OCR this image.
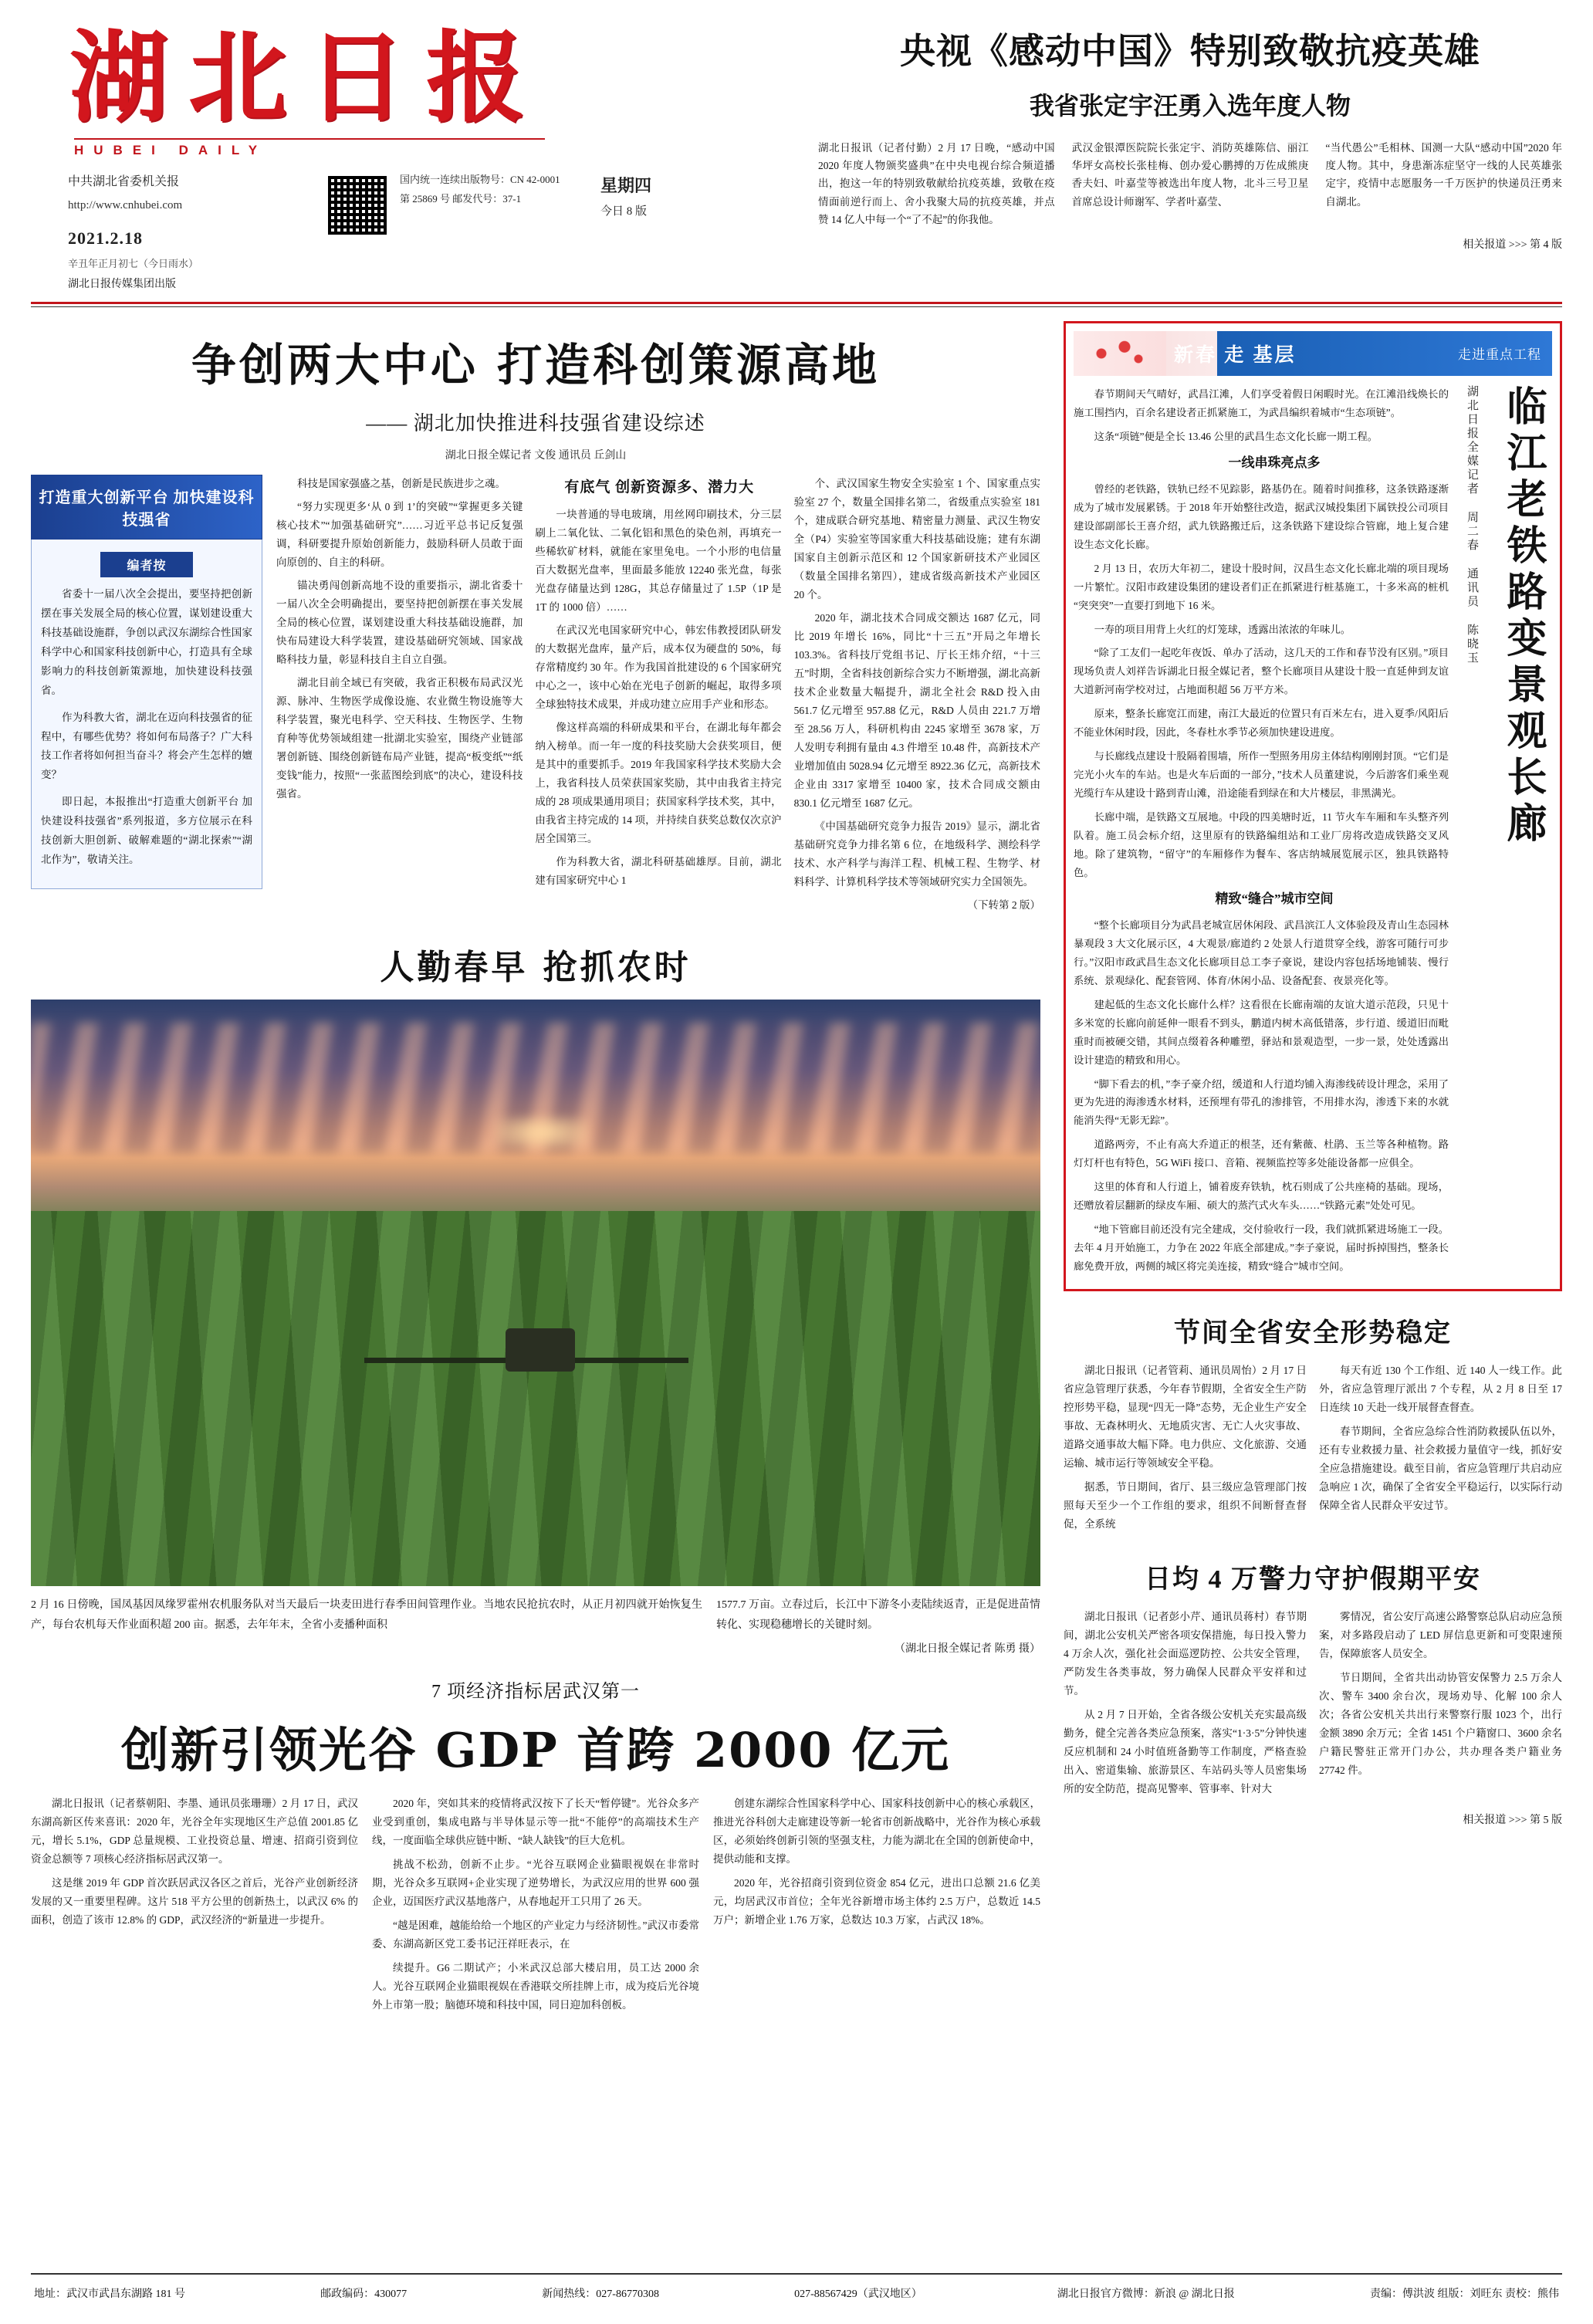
湖北日报
HUBEI DAILY
中共湖北省委机关报
http://www.cnhubei.com
2021.2.18
辛丑年正月初七（今日雨水）
国内统一连续出版物号：CN 42-0001
第 25869 号 邮发代号：37-1
星期四
今日 8 版
湖北日报传媒集团出版
央视《感动中国》特别致敬抗疫英雄
我省张定宇汪勇入选年度人物
湖北日报讯（记者付勤）2 月 17 日晚，“感动中国 2020 年度人物颁奖盛典”在中央电视台综合频道播出，抱这一年的特别致敬献给抗疫英雄，致敬在疫情面前逆行而上、舍小我聚大局的抗疫英雄，并点赞 14 亿人中每一个“了不起”的你我他。
武汉金银潭医院院长张定宇、消防英雄陈信、丽江华坪女高校长张桂梅、创办爱心鹏搏的万佐成熊庚香夫妇、叶嘉莹等被选出年度人物，北斗三号卫星首席总设计师谢军、学者叶嘉莹、
“当代愚公”毛相林、国测一大队“感动中国”2020 年度人物。其中，身患渐冻症坚守一线的人民英雄张定宇，疫情中志愿服务一千万医护的快递员汪勇来自湖北。
相关报道 >>> 第 4 版
争创两大中心 打造科创策源高地
—— 湖北加快推进科技强省建设综述
湖北日报全媒记者 文俊 通讯员 丘剑山
打造重大创新平台 加快建设科技强省
编者按

省委十一届八次全会提出，要坚持把创新摆在事关发展全局的核心位置，谋划建设重大科技基础设施群，争创以武汉东湖综合性国家科学中心和国家科技创新中心，打造具有全球影响力的科技创新策源地，加快建设科技强省。

作为科教大省，湖北在迈向科技强省的征程中，有哪些优势？将如何布局落子？广大科技工作者将如何担当奋斗？将会产生怎样的嬗变？

即日起，本报推出“打造重大创新平台 加快建设科技强省”系列报道，多方位展示在科技创新大胆创新、破解难题的“湖北探索”“湖北作为”，敬请关注。

科技是国家强盛之基，创新是民族进步之魂。

“努力实现更多‘从 0 到 1’的突破”“掌握更多关键核心技术”“加强基础研究”……习近平总书记反复强调，科研要提升原始创新能力，鼓励科研人员敢于面向原创的、自主的科研。

锚决勇闯创新高地不设的重要指示，湖北省委十一届八次全会明确提出，要坚持把创新摆在事关发展全局的核心位置，谋划建设重大科技基础设施群，加快布局建设大科学装置，建设基础研究领域、国家战略科技力量，彰显科技自主自立自强。

湖北目前全域已有突破，我省正积极布局武汉光源、脉冲、生物医学成像设施、农业微生物设施等大科学装置，聚光电科学、空天科技、生物医学、生物育种等优势领域组建一批湖北实验室，围绕产业链部署创新链、围绕创新链布局产业链，提高“板变纸”“纸变钱”能力，按照“一张蓝图绘到底”的决心，建设科技强省。

有底气 创新资源多、潜力大

一块普通的导电玻璃，用丝网印刷技术，分三层刷上二氧化钛、二氧化铝和黑色的染色剂，再填充一些稀软矿材料，就能在家里兔电。一个小形的电信量百大数据光盘率，里面最多能放 12240 张光盘，每张光盘存储量达到 128G，其总存储量过了 1.5P（1P 是 1T 的 1000 倍）……

在武汉光电国家研究中心，韩宏伟教授团队研发的大数据光盘库，量产后，成本仅为硬盘的 50%，每存常精度约 30 年。作为我国首批建设的 6 个国家研究中心之一，该中心始在光电子创新的崛起，取得多项全球独特技术成果，并成功建立应用手产业和形态。

像这样高端的科研成果和平台，在湖北每年都会纳入榜单。而一年一度的科技奖励大会获奖项目，便是其中的重要抓手。2019 年我国家科学技术奖励大会上，我省科技人员荣获国家奖励，其中由我省主持完成的 28 项成果通用项目；获国家科学技术奖，其中，由我省主持完成的 14 项，并持续自获奖总数仅次京沪居全国第三。

作为科教大省，湖北科研基础雄厚。目前，湖北建有国家研究中心 1

个、武汉国家生物安全实验室 1 个、国家重点实验室 27 个，数量全国排名第二，省级重点实验室 181 个，建成联合研究基地、精密量力测量、武汉生物安全（P4）实验室等国家重大科技基础设施；建有东湖国家自主创新示范区和 12 个国家新研技术产业园区（数量全国排名第四），建成省级高新技术产业园区 20 个。

2020 年，湖北技术合同成交额达 1687 亿元，同比 2019 年增长 16%，同比“十三五”开局之年增长 103.3%。省科技厅党组书记、厅长王炜介绍，“十三五”时期，全省科技创新综合实力不断增强，湖北高新技术企业数量大幅提升，湖北全社会 R&D 投入由 561.7 亿元增至 957.88 亿元，R&D 人员由 221.7 万增至 28.56 万人，科研机构由 2245 家增至 3678 家，万人发明专利拥有量由 4.3 件增至 10.48 件，高新技术产业增加值由 5028.94 亿元增至 8922.36 亿元，高新技术企业由 3317 家增至 10400 家，技术合同成交额由 830.1 亿元增至 1687 亿元。

《中国基础研究竞争力报告 2019》显示，湖北省基础研究竞争力排名第 6 位，在地级科学、测绘科学技术、水产科学与海洋工程、机械工程、生物学、材料科学、计算机科学技术等领域研究实力全国领先。

（下转第 2 版）

人勤春早 抢抓农时
2 月 16 日傍晚，国凤基因凤缘罗霍州农机服务队对当天最后一块麦田进行春季田间管理作业。当地农民抢抗农时，从正月初四就开始恢复生产，每台农机每天作业面积超 200 亩。据悉，去年年末，全省小麦播种面积
1577.7 万亩。立春过后，长江中下游冬小麦陆续返青，正是促进苗情转化、实现稳穗增长的关键时刻。
（湖北日报全媒记者 陈勇 摄）
7 项经济指标居武汉第一
创新引领光谷 GDP 首跨 2000 亿元

湖北日报讯（记者蔡朝阳、李墨、通讯员张珊珊）2 月 17 日，武汉东湖高新区传来喜讯：2020 年，光谷全年实现地区生产总值 2001.85 亿元，增长 5.1%，GDP 总量规模、工业投资总量、增速、招商引资到位资金总额等 7 项核心经济指标居武汉第一。

这是继 2019 年 GDP 首次跃居武汉各区之首后，光谷产业创新经济发展的又一重要里程碑。这片 518 平方公里的创新热土，以武汉 6% 的面积，创造了该市 12.8% 的 GDP，武汉经济的“新量进一步提升。

2020 年，突如其来的疫情将武汉按下了长天“暂停键”。光谷众多产业受到重创，集成电路与半导体显示等一批“不能停”的高端技术生产线，一度面临全球供应链中断、“缺人缺钱”的巨大危机。

挑战不松劲，创新不止步。“光谷互联网企业猫眼视娱在非常时期，光谷众多互联网+企业实现了逆势增长，为武汉应用的世界 600 强企业，迈国医疗武汉基地落户，从春地起开工只用了 26 天。

“越是困难，越能给给一个地区的产业定力与经济韧性。”武汉市委常委、东湖高新区党工委书记汪祥旺表示，在

续提升。G6 二期试产；小米武汉总部大楼启用，员工达 2000 余人。光谷互联网企业猫眼视娱在香港联交所挂牌上市，成为疫后光谷境外上市第一股；脑德环境和科技中国，同日迎加科创板。

创建东湖综合性国家科学中心、国家科技创新中心的核心承载区，推进光谷科创大走廊建设等新一轮省市创新战略中，光谷作为核心承载区，必须始终创新引领的坚强支柱，力能为湖北在全国的创新使命中，提供动能和支撑。

2020 年，光谷招商引资到位资金 854 亿元，进出口总额 21.6 亿美元，均居武汉市首位；全年光谷新增市场主体约 2.5 万户，总数近 14.5 万户；新增企业 1.76 万家，总数达 10.3 万家，占武汉 18%。

新春 走 基层	走进重点工程

春节期间天气晴好，武昌江滩，人们享受着假日闲暇时光。在江滩沿线焕长的施工围挡内，百余名建设者正抓紧施工，为武昌编织着城市“生态项链”。

这条“项链”便是全长 13.46 公里的武昌生态文化长廊一期工程。

一线串珠亮点多

曾经的老铁路，铁轨已经不见踪影，路基仍在。随着时间推移，这条铁路逐渐成为了城市发展累锈。于 2018 年开始整往改造，据武汉城投集团下属铁投公司项目建设部副部长王喜介绍，武九铁路搬迁后，这条铁路下建设综合管廊，地上复合建设生态文化长廊。

2 月 13 日，农历大年初二，建设十股时间，汉昌生态文化长廊北端的项目现场一片繁忙。汉阳市政建设集团的建设者们正在抓紧进行桩基施工，十多米高的桩机“突突突”一直要打到地下 16 米。

一寿的项目用背上火红的灯笼球，透露出浓浓的年味儿。

“除了工友们一起吃年夜饭、单办了活动，这几天的工作和春节没有区别。”项目现场负责人刘祥告诉湖北日报全媒记者，整个长廊项目从建设十股一直延伸到友谊大道新河南学校对过，占地面积超 56 万平方米。

原来，整条长廊宽江而建，南江大最近的位置只有百米左右，进入夏季/风阳后不能业休闲时段，因此，冬春杜水季节必须加快建设进度。

与长廊线点建设十股隔着围墙，所作一型照务用房主体结构刚刚封顶。“它们是完光小火车的车站。也是火车后面的一部分，”技术人员董建说，今后游客们乘坐观光缆行车从建设十路到青山滩，沿途能看到绿在和大片楼层，非黑满光。

长廊中端，是铁路文互展地。中段的四美塘时近，11 节火车车厢和车头整齐列队着。施工员会标介绍，这里原有的铁路编组站和工业厂房将改造成铁路交叉风地。除了建筑物，“留守”的车厢修作为餐车、客店纳城展览展示区，独具铁路特色。

精致“缝合”城市空间

“整个长廊项目分为武昌老城宣居休闲段、武昌滨江人文体验段及青山生态园林暴观段 3 大文化展示区，4 大观景/廊道约 2 处景人行道贯穿全线，游客可随行可步行。”汉阳市政武昌生态文化长廊项目总工李子豪说，建设内容包括场地铺装、慢行系统、景观绿化、配套管网、体育/休闲小品、设备配套、夜景亮化等。

建起低的生态文化长廊什么样？这看很在长廊南端的友谊大道示范段，只见十多米宽的长廊向前延伸一眼看不到头，鹏道内树木高低错落，步行道、缓道旧而毗重时而被硬交错，其间点缀着各种雕塑，驿站和景观造型，一步一景，处处透露出设计建造的精致和用心。

“脚下看去的机，”李子豪介绍，缓道和人行道均铺入海渗线砖设计理念，采用了更为先进的海渗透水材料，还预埋有带孔的渗排管，不用排水沟，渗透下来的水就能消失得“无影无踪”。

道路两旁，不止有高大乔道正的根茎，还有紫薇、杜鹃、玉兰等各种植物。路灯灯杆也有特色，5G WiFi 接口、音箱、视频监控等多处能设备都一应俱全。

这里的体育和人行道上，铺着废弃铁轨，枕石则成了公共座椅的基础。现场，还赠放着层翻新的绿皮车厢、硕大的蒸汽式火车头……“铁路元素”处处可见。

“地下管廊目前还没有完全建成，交付验收行一段，我们就抓紧进场施工一段。去年 4 月开始施工，力争在 2022 年底全部建成。”李子豪说，届时拆掉围挡，整条长廊免费开放，两侧的城区将完美连接，精致“缝合”城市空间。

湖北日报全媒记者 周二春 通讯员 陈晓玉 临江老铁路变景观长廊
节间全省安全形势稳定

湖北日报讯（记者管莉、通讯员周怡）2 月 17 日省应急管理厅获悉，今年春节假期，全省安全生产防控形势平稳，显现“四无一降”态势，无企业生产安全事故、无森林明火、无地质灾害、无亡人火灾事故、道路交通事故大幅下降。电力供应、文化旅游、交通运输、城市运行等领域安全平稳。

据悉，节日期间，省厅、县三级应急管理部门按照每天至少一个工作组的要求，组织不间断督查督促，全系统

每天有近 130 个工作组、近 140 人一线工作。此外，省应急管理厅派出 7 个专程，从 2 月 8 日至 17 日连续 10 天赴一线开展督查督查。

春节期间，全省应急综合性消防救援队伍以外，还有专业救援力量、社会救援力量值守一线，抓好安全应急措施建设。截至目前，省应急管理厅共启动应急响应 1 次，确保了全省安全平稳运行，以实际行动保障全省人民群众平安过节。

日均 4 万警力守护假期平安

湖北日报讯（记者彭小芹、通讯员蒋村）春节期间，湖北公安机关严密各项安保措施，每日投入警力 4 万余人次，强化社会面巡逻防控、公共安全管理，严防发生各类事故，努力确保人民群众平安祥和过节。

从 2 月 7 日开始，全省各级公安机关充实最高级勤务，健全完善各类应急预案，落实“1·3·5”分钟快速反应机制和 24 小时值班备勤等工作制度，严格查验出入、密道集输、旅游景区、车站码头等人员密集场所的安全防范，提高见警率、管事率、针对大

雾情况，省公安厅高速公路警察总队启动应急预案，对多路段启动了 LED 屏信息更新和可变限速预告，保障旅客人员安全。

节日期间，全省共出动协管安保警力 2.5 万余人次、警车 3400 余台次，现场劝导、化解 100 余人次；各省公安机关共出行来警察行服 1023 个，出行金额 3890 余万元；全省 1451 个户籍窗口、3600 余名户籍民警驻正常开门办公，共办理各类户籍业务 27742 件。

相关报道 >>> 第 5 版
地址：武汉市武昌东湖路 181 号	邮政编码：430077	新闻热线：027-86770308	027-88567429（武汉地区）	湖北日报官方微博：新浪 @ 湖北日报	责编：傅洪波 组版：刘旺东 责校：熊伟
